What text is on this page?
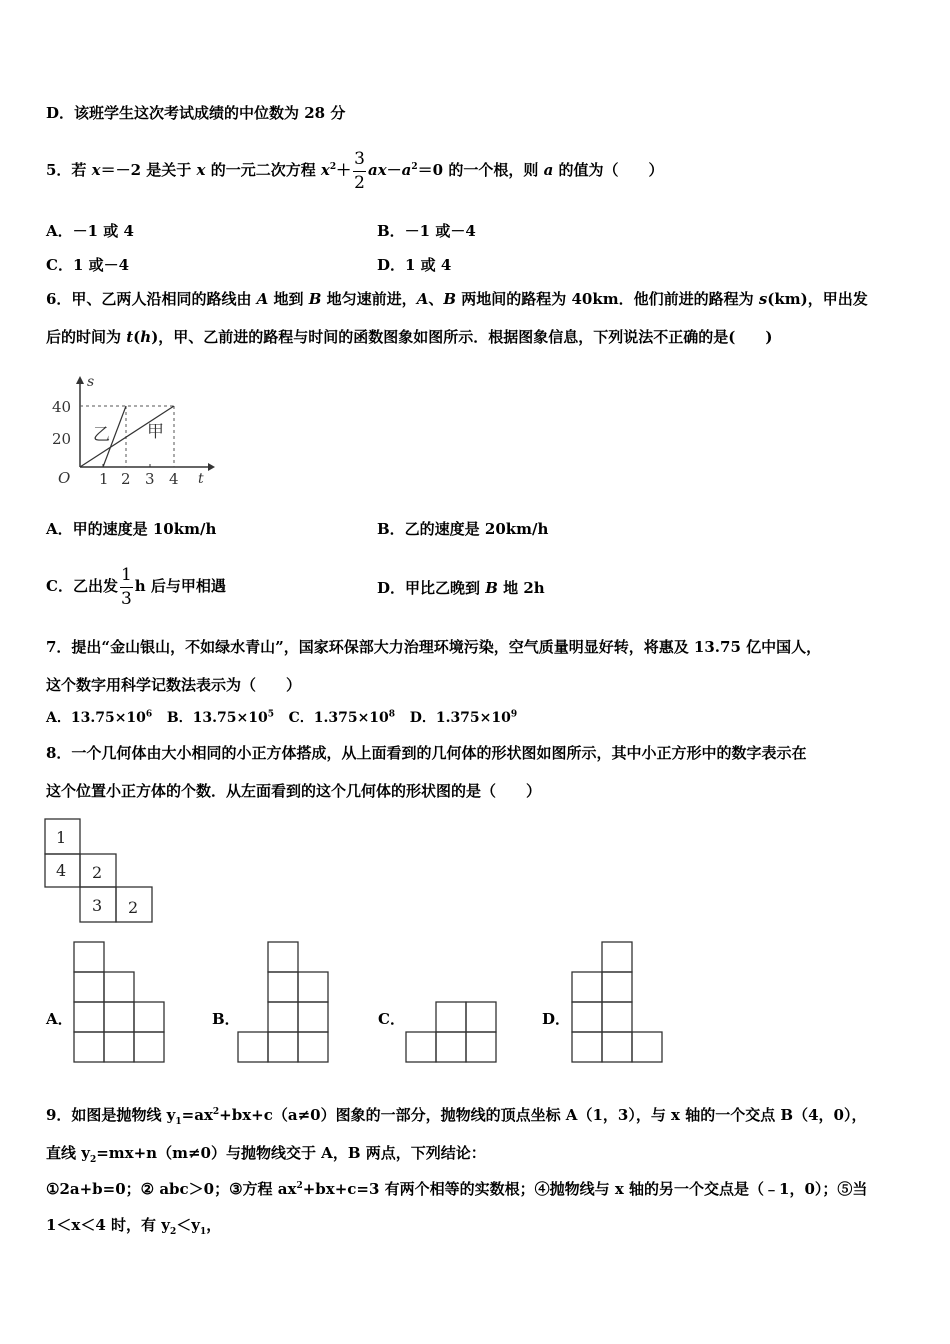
D．该班学生这次考试成绩的中位数为 28 分
5．若 x＝－2 是关于 x 的一元二次方程 $x^2+ \frac{3}{2} ax-a^2=0$ 的一个根，则 a 的值为（　　）
A．－1 或 4	B．－1 或－4
C．1 或－4	D．1 或 4
6．甲、乙两人沿相同的路线由 A 地到 B 地匀速前进，A、B 两地间的路程为 40km．他们前进的路程为 s(km)，甲出发
后的时间为 t(h)，甲、乙前进的路程与时间的函数图象如图所示．根据图象信息，下列说法不正确的是(　　)
s
t
O
40
20
1 2 3 4
乙 甲
A．甲的速度是 10km/h	B．乙的速度是 20km/h
C．乙出发 $\frac{1}{3}$ h 后与甲相遇	D．甲比乙晚到 B 地 2h
7．提出“金山银山，不如绿水青山”，国家环保部大力治理环境污染，空气质量明显好转，将惠及 13.75 亿中国人，
这个数字用科学记数法表示为（　　）
A．$13.75\times 10^6$ B．$13.75\times 10^5$ C．$1.375\times 10^8$ D．$1.375\times 10^9$
8．一个几何体由大小相同的小正方体搭成，从上面看到的几何体的形状图如图所示，其中小正方形中的数字表示在
这个位置小正方体的个数．从左面看到的这个几何体的形状图的是（　　）
1
4 2
3 2
A．	B．	C．	D．
9．如图是抛物线 $y_1=ax^2+bx+c(a\ne 0)$图象的一部分，抛物线的顶点坐标 A（1，3），与 x 轴的一个交点 B（4，0），
直线 $y_2=mx+n(m\ne 0)$与抛物线交于 A，B 两点，下列结论：
①2a+b=0；② abc＞0；③方程 $ax^2+bx+c=3$ 有两个相等的实数根；④抛物线与 x 轴的另一个交点是（﹣1，0）；⑤当
1＜x＜4 时，有 $y_2<y_1$，
